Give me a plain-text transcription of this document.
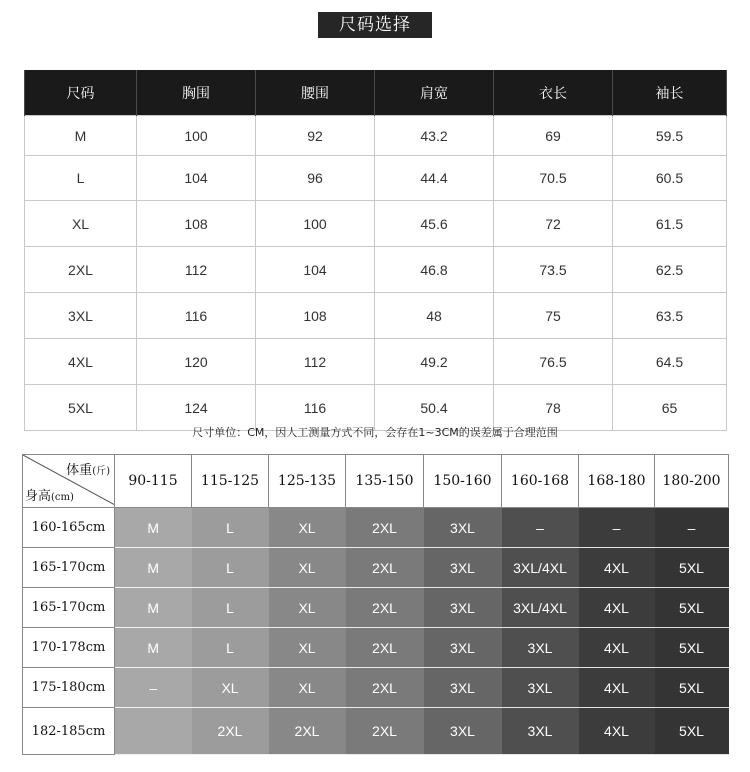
尺码选择
尺码	胸围	腰围	肩宽	衣长	袖长
M	100	92	43.2	69	59.5
L	104	96	44.4	70.5	60.5
XL	108	100	45.6	72	61.5
2XL	112	104	46.8	73.5	62.5
3XL	116	108	48	75	63.5
4XL	120	112	49.2	76.5	64.5
5XL	124	116	50.4	78	65
尺寸单位：CM，因人工测量方式不同，会存在1~3CM的误差属于合理范围
体重(斤)
身高(cm)	90-115	115-125	125-135	135-150	150-160	160-168	168-180	180-200
160-165cm	M	L	XL	2XL	3XL	–	–	–
165-170cm	M	L	XL	2XL	3XL	3XL/4XL	4XL	5XL
165-170cm	M	L	XL	2XL	3XL	3XL/4XL	4XL	5XL
170-178cm	M	L	XL	2XL	3XL	3XL	4XL	5XL
175-180cm	–	XL	XL	2XL	3XL	3XL	4XL	5XL
182-185cm		2XL	2XL	2XL	3XL	3XL	4XL	5XL
